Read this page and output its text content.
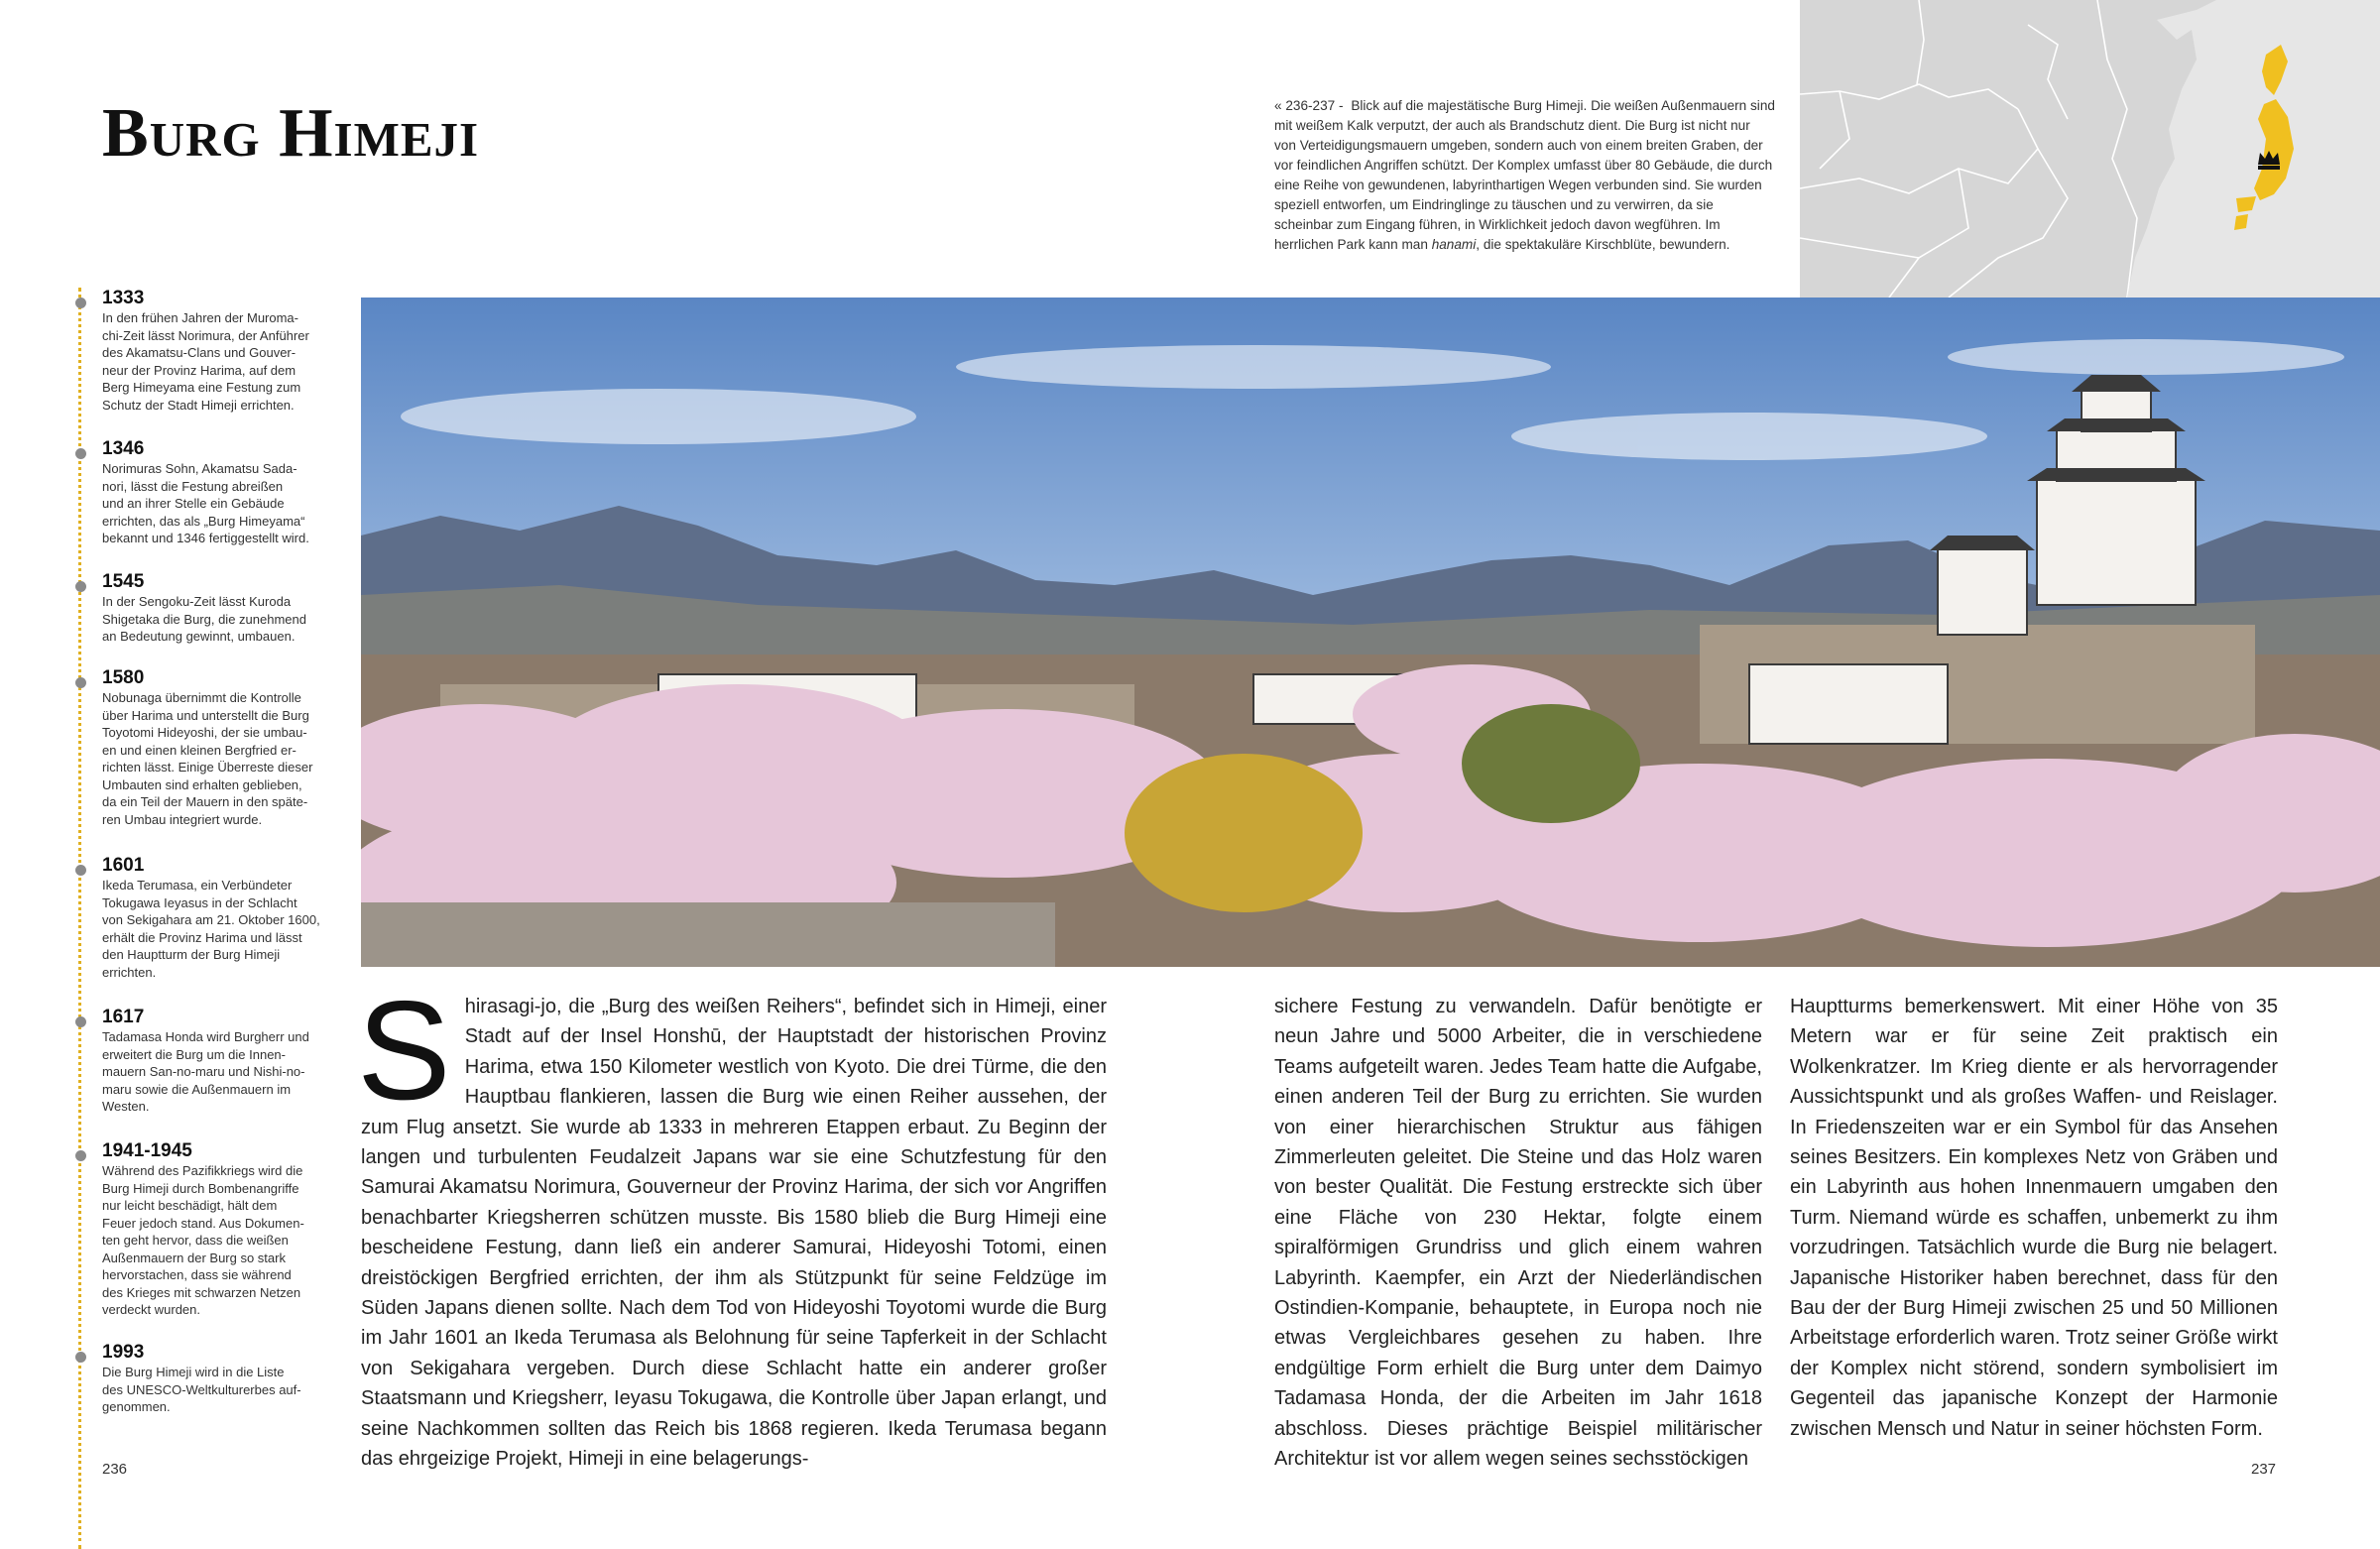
Burg Himeji	« 236-237 - Blick auf die majestätische Burg Himeji. Die weißen Außenmauern sind mit weißem Kalk verputzt, der auch als Brandschutz dient. Die Burg ist nicht nur von Verteidigungsmauern umgeben, sondern auch von einem breiten Graben, der vor feindlichen Angriffen schützt. Der Komplex umfasst über 80 Gebäude, die durch eine Reihe von gewundenen, labyrinthartigen Wegen verbunden sind. Sie wurden speziell entworfen, um Eindringlinge zu täuschen und zu verwirren, da sie scheinbar zum Eingang führen, in Wirklichkeit jedoch davon wegführen. Im herrlichen Park kann man hanami, die spektakuläre Kirschblüte, bewundern.
1333
In den frühen Jahren der Muroma-
chi-Zeit lässt Norimura, der Anführer
des Akamatsu-Clans und Gouver-
neur der Provinz Harima, auf dem
Berg Himeyama eine Festung zum
Schutz der Stadt Himeji errichten.
1346
Norimuras Sohn, Akamatsu Sada-
nori, lässt die Festung abreißen
und an ihrer Stelle ein Gebäude
errichten, das als „Burg Himeyama“
bekannt und 1346 fertiggestellt wird.
1545
In der Sengoku-Zeit lässt Kuroda
Shigetaka die Burg, die zunehmend
an Bedeutung gewinnt, umbauen.
1580
Nobunaga übernimmt die Kontrolle
über Harima und unterstellt die Burg
Toyotomi Hideyoshi, der sie umbau-
en und einen kleinen Bergfried er-
richten lässt. Einige Überreste dieser
Umbauten sind erhalten geblieben,
da ein Teil der Mauern in den späte-
ren Umbau integriert wurde.
1601
Ikeda Terumasa, ein Verbündeter
Tokugawa Ieyasus in der Schlacht
von Sekigahara am 21. Oktober 1600,
erhält die Provinz Harima und lässt
den Hauptturm der Burg Himeji
errichten.
1617
Tadamasa Honda wird Burgherr und
erweitert die Burg um die Innen-
mauern San-no-maru und Nishi-no-
maru sowie die Außenmauern im
Westen.
1941-1945
Während des Pazifikkriegs wird die
Burg Himeji durch Bombenangriffe
nur leicht beschädigt, hält dem
Feuer jedoch stand. Aus Dokumen-
ten geht hervor, dass die weißen
Außenmauern der Burg so stark
hervorstachen, dass sie während
des Krieges mit schwarzen Netzen
verdeckt wurden.
1993
Die Burg Himeji wird in die Liste
des UNESCO-Weltkulturerbes auf-
genommen.
Shirasagi-jo, die „Burg des weißen Reihers“, befindet sich in Himeji, einer Stadt auf der Insel Honshū, der Hauptstadt der historischen Provinz Harima, etwa 150 Kilometer westlich von Kyoto. Die drei Türme, die den Hauptbau flankieren, lassen die Burg wie einen Reiher aussehen, der zum Flug ansetzt. Sie wurde ab 1333 in mehreren Etappen erbaut. Zu Beginn der langen und turbulenten Feudalzeit Japans war sie eine Schutzfestung für den Samurai Akamatsu Norimura, Gouverneur der Provinz Harima, der sich vor Angriffen benachbarter Kriegsherren schützen musste. Bis 1580 blieb die Burg Himeji eine bescheidene Festung, dann ließ ein anderer Samurai, Hideyoshi Totomi, einen dreistöckigen Bergfried errichten, der ihm als Stützpunkt für seine Feldzüge im Süden Japans dienen sollte. Nach dem Tod von Hideyoshi Toyotomi wurde die Burg im Jahr 1601 an Ikeda Terumasa als Belohnung für seine Tapferkeit in der Schlacht von Sekigahara vergeben. Durch diese Schlacht hatte ein anderer großer Staatsmann und Kriegsherr, Ieyasu Tokugawa, die Kontrolle über Japan erlangt, und seine Nachkommen sollten das Reich bis 1868 regieren. Ikeda Terumasa begann das ehrgeizige Projekt, Himeji in eine belagerungs-
sichere Festung zu verwandeln. Dafür benötigte er neun Jahre und 5000 Arbeiter, die in verschiedene Teams aufgeteilt waren. Jedes Team hatte die Aufgabe, einen anderen Teil der Burg zu errichten. Sie wurden von einer hierarchischen Struktur aus fähigen Zimmerleuten geleitet. Die Steine und das Holz waren von bester Qualität. Die Festung erstreckte sich über eine Fläche von 230 Hektar, folgte einem spiralförmigen Grundriss und glich einem wahren Labyrinth. Kaempfer, ein Arzt der Niederländischen Ostindien-Kompanie, behauptete, in Europa noch nie etwas Vergleichbares gesehen zu haben. Ihre endgültige Form erhielt die Burg unter dem Daimyo Tadamasa Honda, der die Arbeiten im Jahr 1618 abschloss. Dieses prächtige Beispiel militärischer Architektur ist vor allem wegen seines sechsstöckigen
Hauptturms bemerkenswert. Mit einer Höhe von 35 Metern war er für seine Zeit praktisch ein Wolkenkratzer. Im Krieg diente er als hervorragender Aussichtspunkt und als großes Waffen- und Reislager. In Friedenszeiten war er ein Symbol für das Ansehen seines Besitzers. Ein komplexes Netz von Gräben und ein Labyrinth aus hohen Innenmauern umgaben den Turm. Niemand würde es schaffen, unbemerkt zu ihm vorzudringen. Tatsächlich wurde die Burg nie belagert. Japanische Historiker haben berechnet, dass für den Bau der der Burg Himeji zwischen 25 und 50 Millionen Arbeitstage erforderlich waren. Trotz seiner Größe wirkt der Komplex nicht störend, sondern symbolisiert im Gegenteil das japanische Konzept der Harmonie zwischen Mensch und Natur in seiner höchsten Form.
236	237
